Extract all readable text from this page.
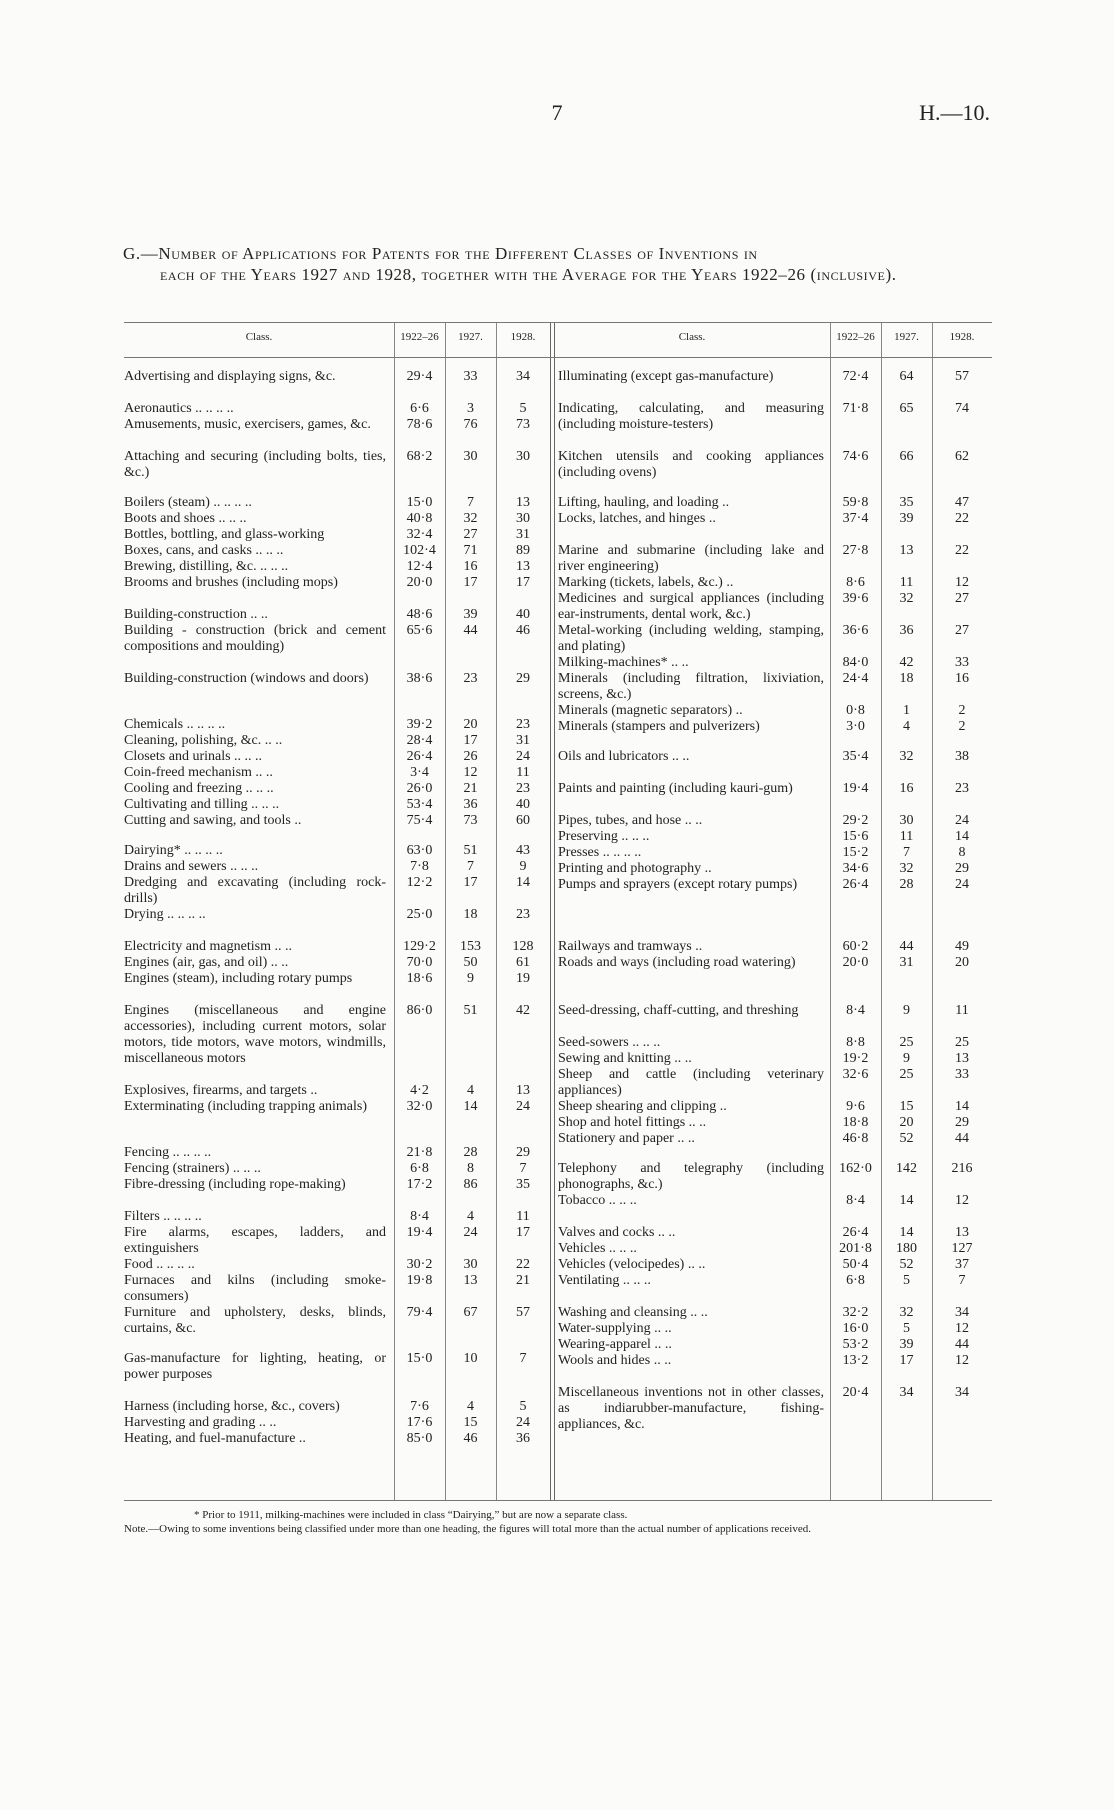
7	H.—10.
G.—Number of Applications for Patents for the Different Classes of Inventions in
each of the Years 1927 and 1928, together with the Average for the Years 1922–26 (inclusive).
Class.	1922–26	1927.	1928.	Class.	1922–26	1927.	1928.
Advertising and displaying signs, &c.	29·4	33	34
Aeronautics .. .. .. ..	6·6	3	5
Amusements, music, exercisers, games, &c.	78·6	76	73
Attaching and securing (including bolts, ties, &c.)
68·2	30	30
Boilers (steam) .. .. .. ..	15·0	7	13
Boots and shoes .. .. ..	40·8	32	30
Bottles, bottling, and glass-working	32·4	27	31
Boxes, cans, and casks .. .. ..	102·4	71	89
Brewing, distilling, &c. .. .. ..	12·4	16	13
Brooms and brushes (including mops)	20·0	17	17
Building-construction .. ..	48·6	39	40
Building - construction (brick and cement compositions and moulding)
65·6	44	46
Building-construction (windows and doors)	38·6	23	29
Chemicals .. .. .. ..	39·2	20	23
Cleaning, polishing, &c. .. ..	28·4	17	31
Closets and urinals .. .. ..	26·4	26	24
Coin-freed mechanism .. ..	3·4	12	11
Cooling and freezing .. .. ..	26·0	21	23
Cultivating and tilling .. .. ..	53·4	36	40
Cutting and sawing, and tools ..	75·4	73	60
Dairying* .. .. .. ..	63·0	51	43
Drains and sewers .. .. ..	7·8	7	9
Dredging and excavating (including rock-drills)
12·2	17	14
Drying .. .. .. ..	25·0	18	23
Electricity and magnetism .. ..	129·2	153	128
Engines (air, gas, and oil) .. ..	70·0	50	61
Engines (steam), including rotary pumps	18·6	9	19
Engines (miscellaneous and engine accessories), including current motors, solar motors, tide motors, wave motors, windmills, miscellaneous motors
86·0	51	42
Explosives, firearms, and targets ..	4·2	4	13
Exterminating (including trapping animals)	32·0	14	24
Fencing .. .. .. ..	21·8	28	29
Fencing (strainers) .. .. ..	6·8	8	7
Fibre-dressing (including rope-making)	17·2	86	35
Filters .. .. .. ..	8·4	4	11
Fire alarms, escapes, ladders, and extinguishers
19·4	24	17
Food .. .. .. ..	30·2	30	22
Furnaces and kilns (including smoke-consumers)
19·8	13	21
Furniture and upholstery, desks, blinds, curtains, &c.
79·4	67	57
Gas-manufacture for lighting, heating, or power purposes
15·0	10	7
Harness (including horse, &c., covers)	7·6	4	5
Harvesting and grading .. ..	17·6	15	24
Heating, and fuel-manufacture ..	85·0	46	36
Illuminating (except gas-manufacture)	72·4	64	57
Indicating, calculating, and measuring (including moisture-testers)
71·8	65	74
Kitchen utensils and cooking appliances (including ovens)
74·6	66	62
Lifting, hauling, and loading ..	59·8	35	47
Locks, latches, and hinges ..	37·4	39	22
Marine and submarine (including lake and river engineering)
27·8	13	22
Marking (tickets, labels, &c.) ..	8·6	11	12
Medicines and surgical appliances (including ear-instruments, dental work, &c.)
39·6	32	27
Metal-working (including welding, stamping, and plating)
36·6	36	27
Milking-machines* .. ..	84·0	42	33
Minerals (including filtration, lixiviation, screens, &c.)
24·4	18	16
Minerals (magnetic separators) ..	0·8	1	2
Minerals (stampers and pulverizers)	3·0	4	2
Oils and lubricators .. ..	35·4	32	38
Paints and painting (including kauri-gum)	19·4	16	23
Pipes, tubes, and hose .. ..	29·2	30	24
Preserving .. .. ..	15·6	11	14
Presses .. .. .. ..	15·2	7	8
Printing and photography ..	34·6	32	29
Pumps and sprayers (except rotary pumps)	26·4	28	24
Railways and tramways ..	60·2	44	49
Roads and ways (including road watering)	20·0	31	20
Seed-dressing, chaff-cutting, and threshing	8·4	9	11
Seed-sowers .. .. ..	8·8	25	25
Sewing and knitting .. ..	19·2	9	13
Sheep and cattle (including veterinary appliances)
32·6	25	33
Sheep shearing and clipping ..	9·6	15	14
Shop and hotel fittings .. ..	18·8	20	29
Stationery and paper .. ..	46·8	52	44
Telephony and telegraphy (including phonographs, &c.)
162·0	142	216
Tobacco .. .. ..	8·4	14	12
Valves and cocks .. ..	26·4	14	13
Vehicles .. .. ..	201·8	180	127
Vehicles (velocipedes) .. ..	50·4	52	37
Ventilating .. .. ..	6·8	5	7
Washing and cleansing .. ..	32·2	32	34
Water-supplying .. ..	16·0	5	12
Wearing-apparel .. ..	53·2	39	44
Wools and hides .. ..	13·2	17	12
Miscellaneous inventions not in other classes, as indiarubber-manufacture, fishing-appliances, &c.
20·4	34	34
* Prior to 1911, milking-machines were included in class “Dairying,” but are now a separate class.
Note.—Owing to some inventions being classified under more than one heading, the figures will total more than the actual number of applications received.
